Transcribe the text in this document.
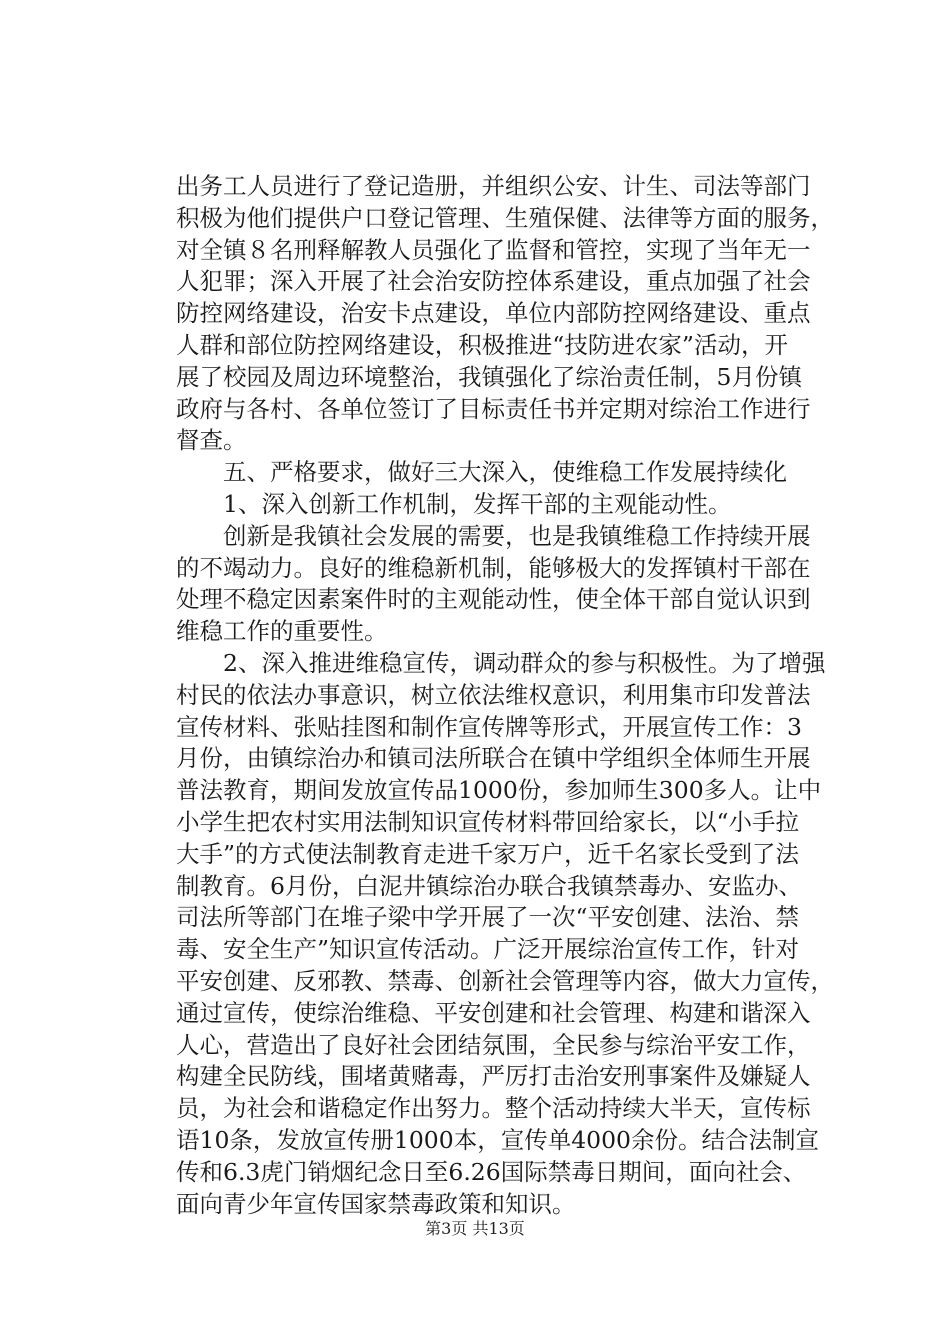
出务工人员进行了登记造册，并组织公安、计生、司法等部门
积极为他们提供户口登记管理、生殖保健、法律等方面的服务，
对全镇８名刑释解教人员强化了监督和管控，实现了当年无一
人犯罪；深入开展了社会治安防控体系建设，重点加强了社会
防控网络建设，治安卡点建设，单位内部防控网络建设、重点
人群和部位防控网络建设，积极推进“技防进农家”活动，开
展了校园及周边环境整治，我镇强化了综治责任制，5月份镇
政府与各村、各单位签订了目标责任书并定期对综治工作进行
督查。
　　五、严格要求，做好三大深入，使维稳工作发展持续化
　　1、深入创新工作机制，发挥干部的主观能动性。
　　创新是我镇社会发展的需要，也是我镇维稳工作持续开展
的不竭动力。良好的维稳新机制，能够极大的发挥镇村干部在
处理不稳定因素案件时的主观能动性，使全体干部自觉认识到
维稳工作的重要性。
　　2、深入推进维稳宣传，调动群众的参与积极性。为了增强
村民的依法办事意识，树立依法维权意识，利用集市印发普法
宣传材料、张贴挂图和制作宣传牌等形式，开展宣传工作：3
月份，由镇综治办和镇司法所联合在镇中学组织全体师生开展
普法教育，期间发放宣传品1000份，参加师生300多人。让中
小学生把农村实用法制知识宣传材料带回给家长，以“小手拉
大手”的方式使法制教育走进千家万户，近千名家长受到了法
制教育。6月份，白泥井镇综治办联合我镇禁毒办、安监办、
司法所等部门在堆子梁中学开展了一次“平安创建、法治、禁
毒、安全生产”知识宣传活动。广泛开展综治宣传工作，针对
平安创建、反邪教、禁毒、创新社会管理等内容，做大力宣传，
通过宣传，使综治维稳、平安创建和社会管理、构建和谐深入
人心，营造出了良好社会团结氛围，全民参与综治平安工作，
构建全民防线，围堵黄赌毒，严厉打击治安刑事案件及嫌疑人
员，为社会和谐稳定作出努力。整个活动持续大半天，宣传标
语10条，发放宣传册1000本，宣传单4000余份。结合法制宣
传和6.3虎门销烟纪念日至6.26国际禁毒日期间，面向社会、
面向青少年宣传国家禁毒政策和知识。
第3页 共13页
